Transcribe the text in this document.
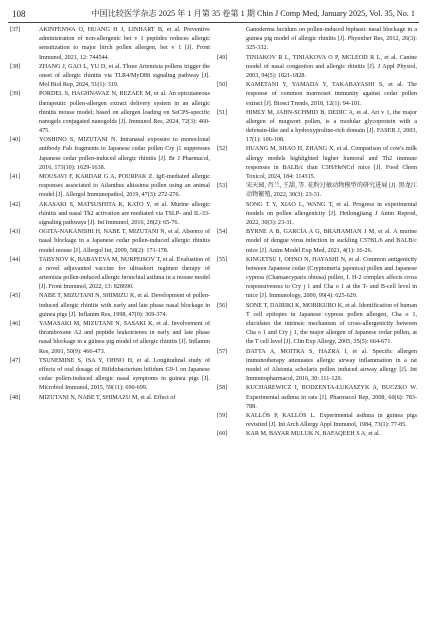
108	中国比较医学杂志 2025 年 1 月第 35 卷第 1 期 Chin J Comp Med, January 2025, Vol. 35, No. 1
[37]	AKINFENWA O, HUANG H J, LINHART B, et al. Preventive administration of non-allergenic bet v 1 peptides reduces allergic sensitization to major birch pollen allergen, bet v 1 [J]. Front Immunol, 2021, 12: 744544.
[38]	ZHANG J, GAO L, YU D, et al. Three Artemisia pollens trigger the onset of allergic rhinitis via TLR4/MyD88 signaling pathway [J]. Mol Biol Rep, 2024, 51(1): 319.
[39]	PORDEL S, HAGHNAVAZ N, REZAEE M, et al. An epicutaneous therapeutic pollen-allergen extract delivery system in an allergic rhinitis mouse model; based on allergen loading on SeCPS-specific nanogels conjugated nanogolds [J]. Immunol Res, 2024, 72(3): 460-475.
[40]	YOSHINO S, MIZUTANI N. Intranasal exposure to monoclonal antibody Fab fragments to Japanese cedar pollen Cry j1 suppresses Japanese cedar pollen-induced allergic rhinitis [J]. Br J Pharmacol, 2016, 173(10): 1629-1638.
[41]	MOUSAVI F, KARDAR G A, POURPAK Z. IgE-mediated allergic responses associated to Ailanthus altissima pollen using an animal model [J]. Allergol Immunopathol, 2019, 47(3): 272-276.
[42]	AKASAKI S, MATSUSHITA K, KATO Y, et al. Murine allergic rhinitis and nasal Th2 activation are mediated via TSLP- and IL-33-signaling pathways [J]. Int Immunol, 2016, 28(2): 65-76.
[43]	OGITA-NAKANISHI H, NABE T, MIZUTANI N, et al. Absence of nasal blockage in a Japanese cedar pollen-induced allergic rhinitis model mouse [J]. Allergol Int, 2009, 58(2): 171-178.
[44]	TABYNOV K, BABAYEVA M, NURPEISOV T, et al. Evaluation of a novel adjuvanted vaccine for ultrashort regimen therapy of artemisia pollen-induced allergic bronchial asthma in a mouse model [J]. Front Immunol, 2022, 13: 828690.
[45]	NABE T, MIZUTANI N, SHIMIZU K, et al. Development of pollen-induced allergic rhinitis with early and late phase nasal blockage in guinea pigs [J]. Inflamm Res, 1998, 47(9): 369-374.
[46]	YAMASAKI M, MIZUTANI N, SASAKI K, et al. Involvement of thromboxane A2 and peptide leukotrienes in early and late phase nasal blockage in a guinea pig model of allergic rhinitis [J]. Inflamm Res, 2001, 50(9): 466-473.
[47]	TSUNEMINE S, ISA Y, OHNO H, et al. Longitudinal study of effects of oral dosage of Bifidobacterium bifidum G9-1 on Japanese cedar pollen-induced allergic nasal symptoms in guinea pigs [J]. Microbiol Immunol, 2015, 59(11): 690-699.
[48]	MIZUTANI N, NABE T, SHIMAZU M, et al. Effect of
Ganoderma lucidum on pollen-induced biphasic nasal blockage in a guinea pig model of allergic rhinitis [J]. Phytother Res, 2012, 26(3): 325-332.
[49]	TINIAKOV R L, TINIAKOVA O P, MCLEOD R L, et al. Canine model of nasal congestion and allergic rhinitis [J]. J Appl Physiol, 2003, 94(5): 1821-1828.
[50]	KAMETANI Y, YAMADA Y, TAKABAYASHI S, et al. The response of common marmoset immunity against cedar pollen extract [J]. Biosci Trends, 2018, 12(1): 94-101.
[51]	HIMLY M, JAHN-SCHMID B, DEDIC A, et al. Art v 1, the major allergen of mugwort pollen, is a modular glycoprotein with a defensin-like and a hydroxyproline-rich domain [J]. FASEB J, 2003, 17(1): 106-108.
[52]	HUANG M, SHAO H, ZHANG X, et al. Comparison of cow's milk allergy models highlighted higher humoral and Th2 immune responses in BALB/c than C3H/HeNCrl mice [J]. Food Chem Toxicol, 2024, 184: 114315.
[53]	宋天园, 肖兰, 王甜, 等. 花粉过敏动物模型的研究进展 [J]. 黑龙江动物繁殖, 2022, 30(3): 23-31.
SONG T Y, XIAO L, WANG T, et al. Progress in experimental models on pollen allergenicity [J]. Heilongjiang J Anim Reprod, 2022, 30(3): 23-31.
[54]	BYRNE A B, GARCÍA A G, BRAHAMIAN J M, et al. A murine model of dengue virus infection in suckling C57BL/6 and BALB/c mice [J]. Anim Model Exp Med, 2021, 4(1): 16-26.
[55]	KINGETSU I, OHNO N, HAYASHI N, et al. Common antigenicity between Japanese cedar (Cryptomeria japonica) pollen and Japanese cypress (Chamaecyparis obtusa) pollen, I. H-2 complex affects cross responsiveness to Cry j 1 and Cha o 1 at the T- and B-cell level in mice [J]. Immunology, 2000, 99(4): 625-629.
[56]	SONE T, DAIRIKI K, MORIKUBO K, et al. Identification of human T cell epitopes in Japanese cypress pollen allergen, Cha o 1, elucidates the intrinsic mechanism of cross-allergenicity between Cha o 1 and Cry j 1, the major allergen of Japanese cedar pollen, at the T cell level [J]. Clin Exp Allergy, 2005, 35(5): 664-671.
[57]	DATTA A, MOITRA S, HAZRA I, et al. Specific allergen immunotherapy attenuates allergic airway inflammation in a rat model of Alstonia scholaris pollen induced airway allergy [J]. Int Immunopharmacol, 2016, 30: 111-120.
[58]	KUCHAREWICZ I, BODZENTA-ŁUKASZYK A, BUCZKO W. Experimental asthma in rats [J]. Pharmacol Rep, 2008, 60(6): 783-788.
[59]	KALLÓS P, KALLÓS L. Experimental asthma in guinea pigs revisited [J]. Int Arch Allergy Appl Immunol, 1984, 73(1): 77-85.
[60]	KAR M, BAYAR MULUK N, BAFAQEEH S A, et al.
